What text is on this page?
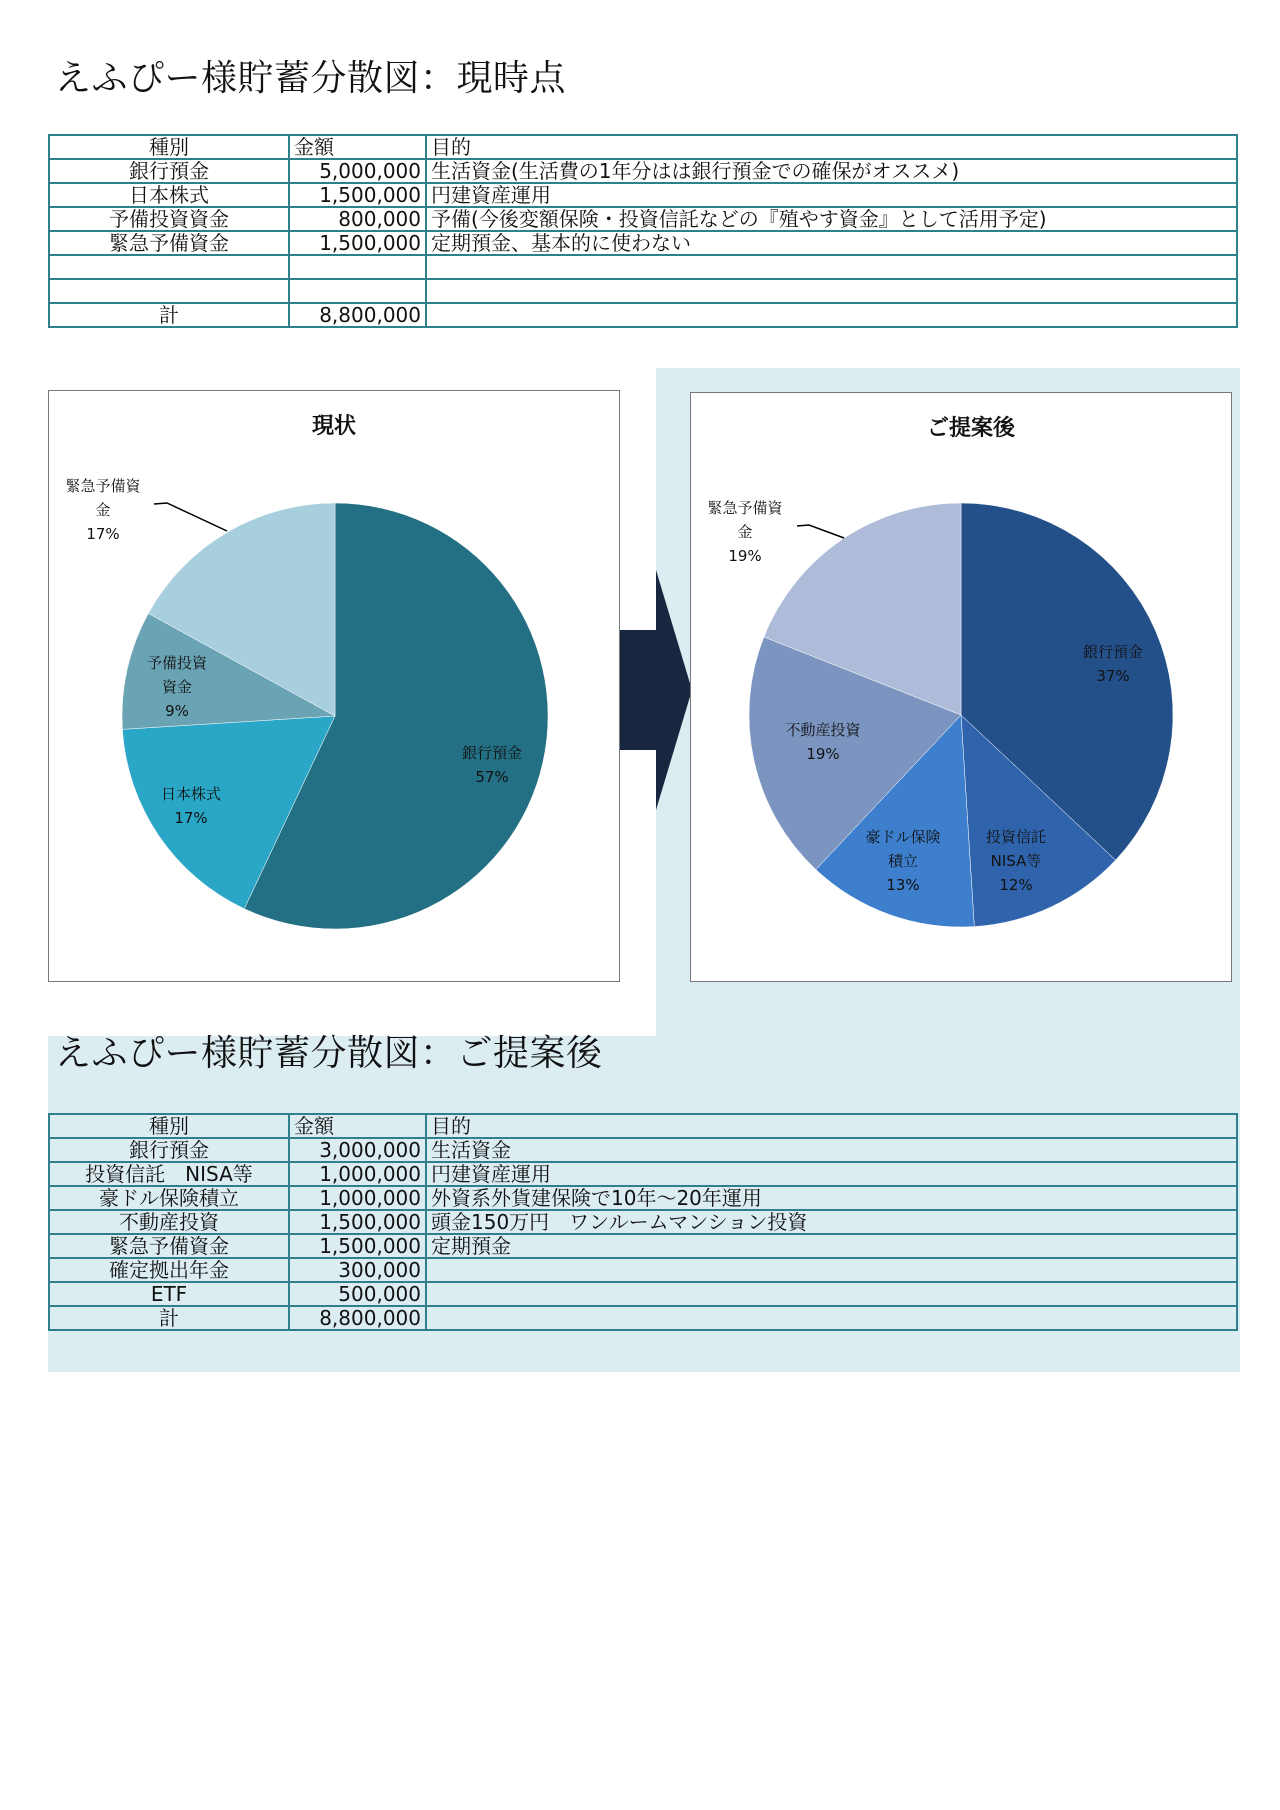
えふぴー様貯蓄分散図：現時点
種別	金額	目的
銀行預金	5,000,000	生活資金(生活費の1年分はは銀行預金での確保がオススメ)
日本株式	1,500,000	円建資産運用
予備投資資金	800,000	予備(今後変額保険・投資信託などの『殖やす資金』として活用予定)
緊急予備資金	1,500,000	定期預金、基本的に使わない

計	8,800,000	
現状
銀行預金 57%
日本株式 17%
予備投資資金 9%
緊急予備資金 17%
ご提案後
銀行預金 37%
投資信託 NISA等 12%
豪ドル保険積立 13%
不動産投資 19%
緊急予備資金 19%
えふぴー様貯蓄分散図：ご提案後
種別	金額	目的
銀行預金	3,000,000	生活資金
投資信託　NISA等	1,000,000	円建資産運用
豪ドル保険積立	1,000,000	外資系外貨建保険で10年～20年運用
不動産投資	1,500,000	頭金150万円　ワンルームマンション投資
緊急予備資金	1,500,000	定期預金
確定拠出年金	300,000	
ETF	500,000	
計	8,800,000	
